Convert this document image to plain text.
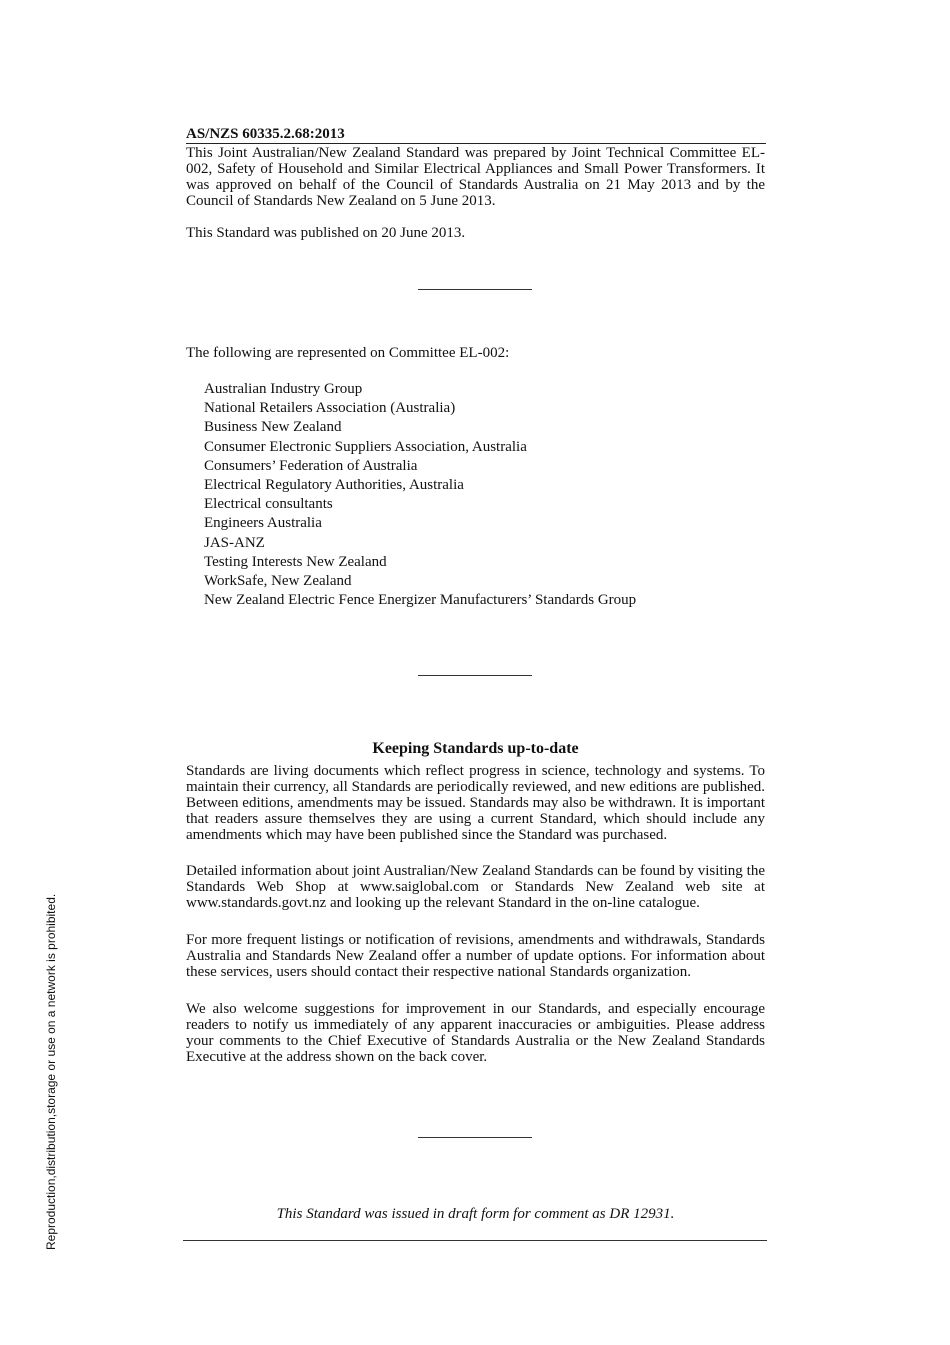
AS/NZS 60335.2.68:2013
This Joint Australian/New Zealand Standard was prepared by Joint Technical Committee EL-002, Safety of Household and Similar Electrical Appliances and Small Power Transformers. It was approved on behalf of the Council of Standards Australia on 21 May 2013 and by the Council of Standards New Zealand on 5 June 2013.
This Standard was published on 20 June 2013.
The following are represented on Committee EL-002:
Australian Industry Group
National Retailers Association (Australia)
Business New Zealand
Consumer Electronic Suppliers Association, Australia
Consumers’ Federation of Australia
Electrical Regulatory Authorities, Australia
Electrical consultants
Engineers Australia
JAS-ANZ
Testing Interests New Zealand
WorkSafe, New Zealand
New Zealand Electric Fence Energizer Manufacturers’ Standards Group
Keeping Standards up-to-date
Standards are living documents which reflect progress in science, technology and systems. To maintain their currency, all Standards are periodically reviewed, and new editions are published. Between editions, amendments may be issued. Standards may also be withdrawn. It is important that readers assure themselves they are using a current Standard, which should include any amendments which may have been published since the Standard was purchased.
Detailed information about joint Australian/New Zealand Standards can be found by visiting the Standards Web Shop at www.saiglobal.com or Standards New Zealand web site at www.standards.govt.nz and looking up the relevant Standard in the on-line catalogue.
For more frequent listings or notification of revisions, amendments and withdrawals, Standards Australia and Standards New Zealand offer a number of update options. For information about these services, users should contact their respective national Standards organization.
We also welcome suggestions for improvement in our Standards, and especially encourage readers to notify us immediately of any apparent inaccuracies or ambiguities. Please address your comments to the Chief Executive of Standards Australia or the New Zealand Standards Executive at the address shown on the back cover.
This Standard was issued in draft form for comment as DR 12931.
Reproduction,distribution,storage or use on a network is prohibited.
